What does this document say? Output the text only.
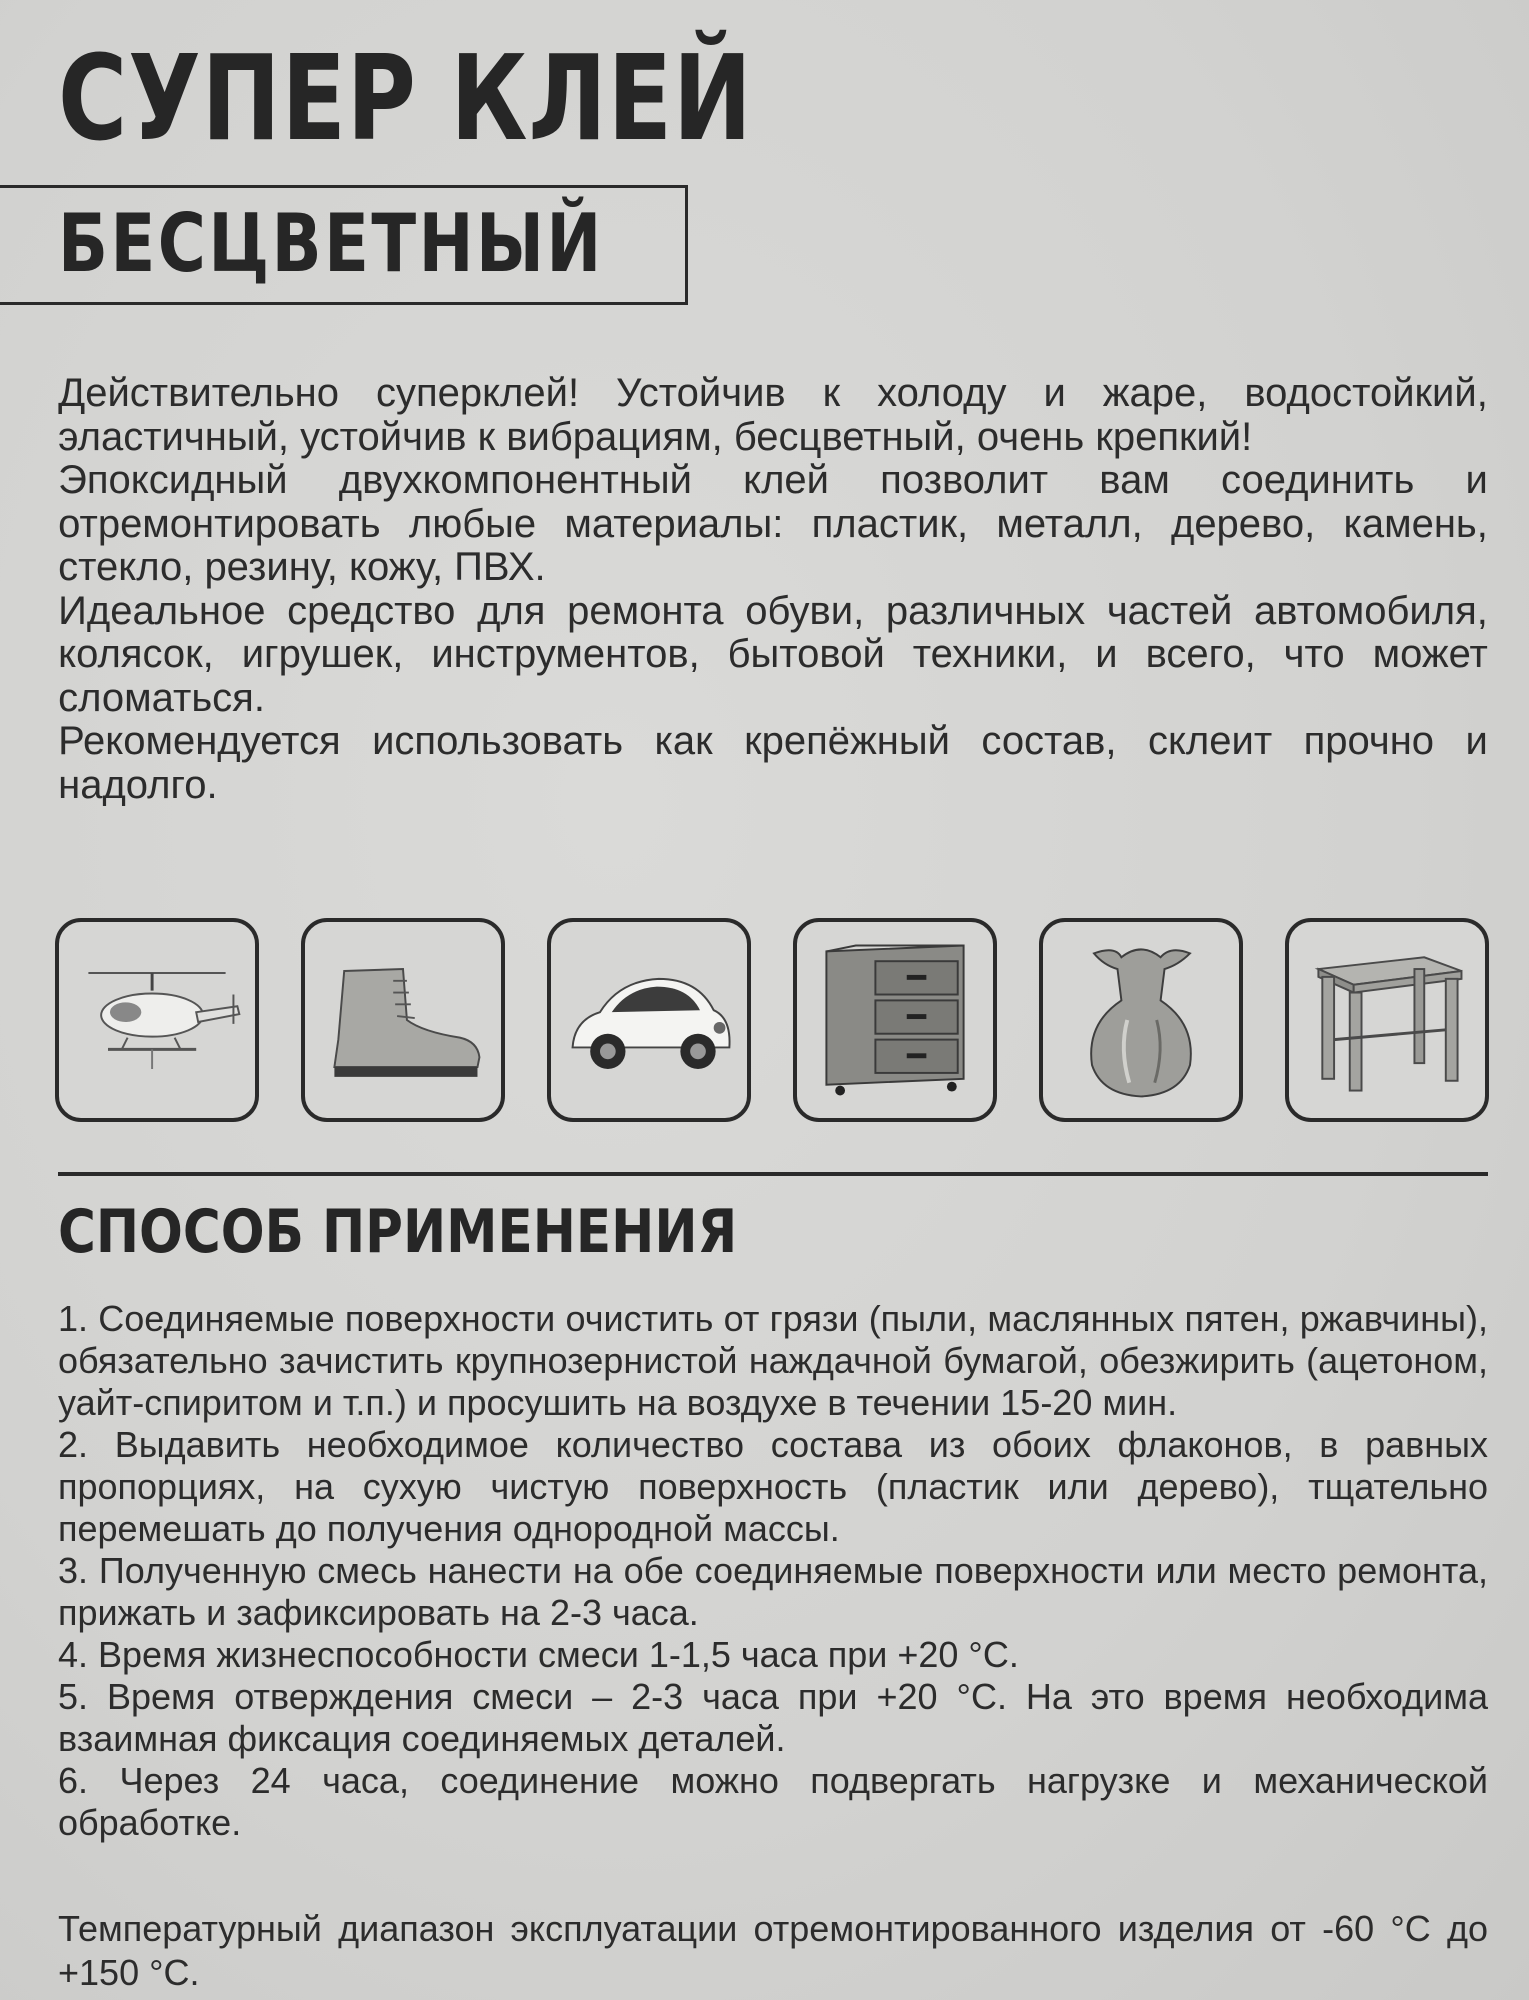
СУПЕР КЛЕЙ
БЕСЦВЕТНЫЙ

Действительно суперклей! Устойчив к холоду и жаре, водостойкий, эластичный, устойчив к вибрациям, бесцветный, очень крепкий!

Эпоксидный двухкомпонентный клей позволит вам соединить и отремонтировать любые материалы: пластик, металл, дерево, камень, стекло, резину, кожу, ПВХ.

Идеальное средство для ремонта обуви, различных частей автомобиля, колясок, игрушек, инструментов, бытовой техники, и всего, что может сломаться.

Рекомендуется использовать как крепёжный состав, склеит прочно и надолго.

СПОСОБ ПРИМЕНЕНИЯ

1. Соединяемые поверхности очистить от грязи (пыли, маслянных пятен, ржавчины), обязательно зачистить крупнозернистой наждачной бумагой, обезжирить (ацетоном, уайт-спиритом и т.п.) и просушить на воздухе в течении 15-20 мин.

2. Выдавить необходимое количество состава из обоих флаконов, в равных пропорциях, на сухую чистую поверхность (пластик или дерево), тщательно перемешать до получения однородной массы.

3. Полученную смесь нанести на обе соединяемые поверхности или место ремонта, прижать и зафиксировать на 2-3 часа.

4. Время жизнеспособности смеси 1-1,5 часа при +20 °С.

5. Время отверждения смеси – 2-3 часа при +20 °С. На это время необходима взаимная фиксация соединяемых деталей.

6. Через 24 часа, соединение можно подвергать нагрузке и механической обработке.

Температурный диапазон эксплуатации отремонтированного изделия от -60 °С до +150 °С.
